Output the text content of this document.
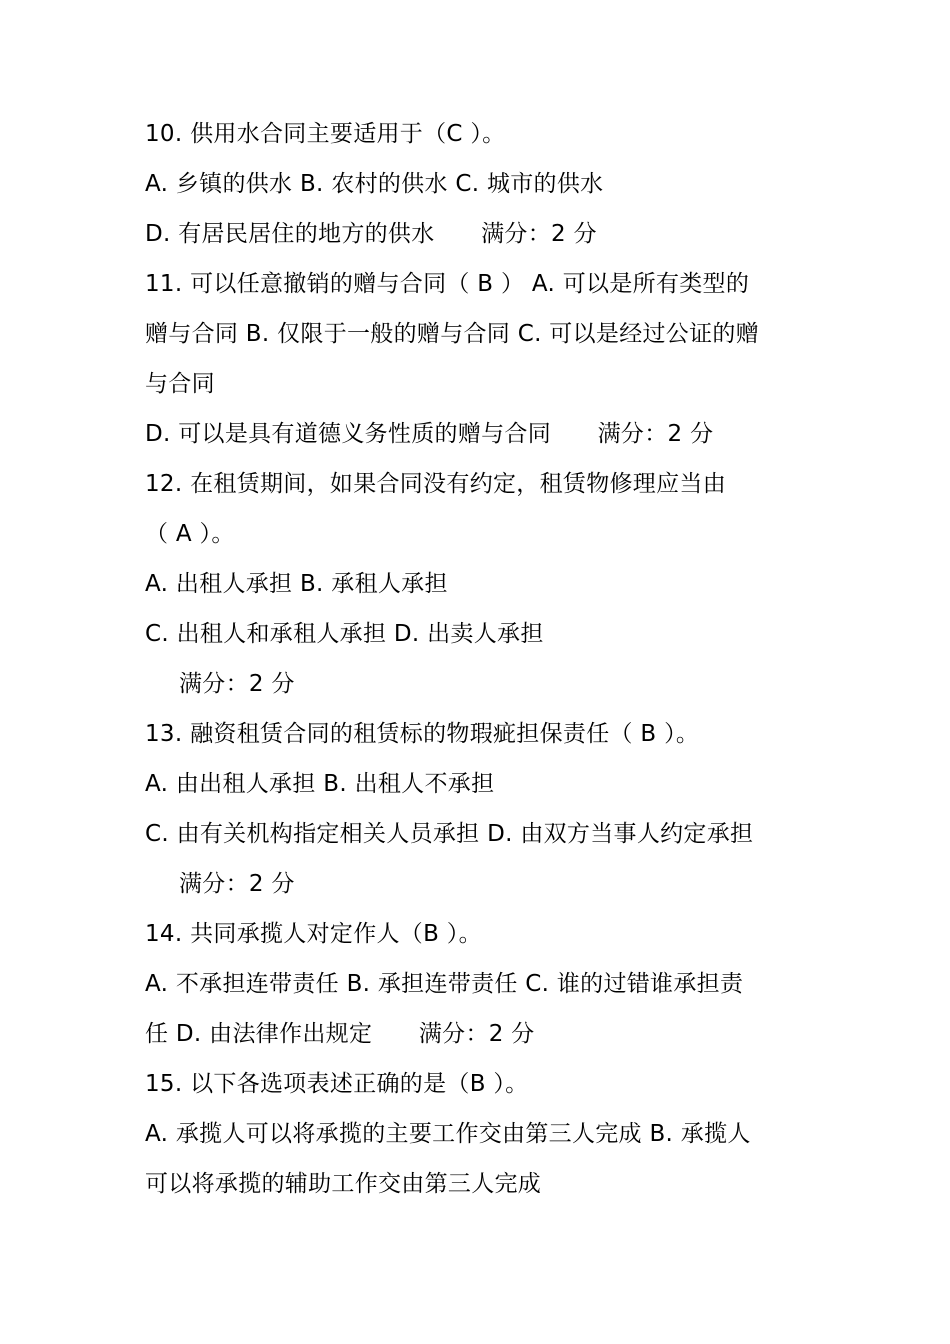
10. 供用水合同主要适用于（C ）。
A. 乡镇的供水 B. 农村的供水 C. 城市的供水
D. 有居民居住的地方的供水　　满分：2 分
11. 可以任意撤销的赠与合同（ B ） A. 可以是所有类型的
赠与合同 B. 仅限于一般的赠与合同 C. 可以是经过公证的赠
与合同
D. 可以是具有道德义务性质的赠与合同　　满分：2 分
12. 在租赁期间，如果合同没有约定，租赁物修理应当由
（ A ）。
A. 出租人承担 B. 承租人承担
C. 出租人和承租人承担 D. 出卖人承担
满分：2 分
13. 融资租赁合同的租赁标的物瑕疵担保责任（ B ）。
A. 由出租人承担 B. 出租人不承担
C. 由有关机构指定相关人员承担 D. 由双方当事人约定承担
满分：2 分
14. 共同承揽人对定作人（B ）。
A. 不承担连带责任 B. 承担连带责任 C. 谁的过错谁承担责
任 D. 由法律作出规定　　满分：2 分
15. 以下各选项表述正确的是（B ）。
A. 承揽人可以将承揽的主要工作交由第三人完成 B. 承揽人
可以将承揽的辅助工作交由第三人完成
